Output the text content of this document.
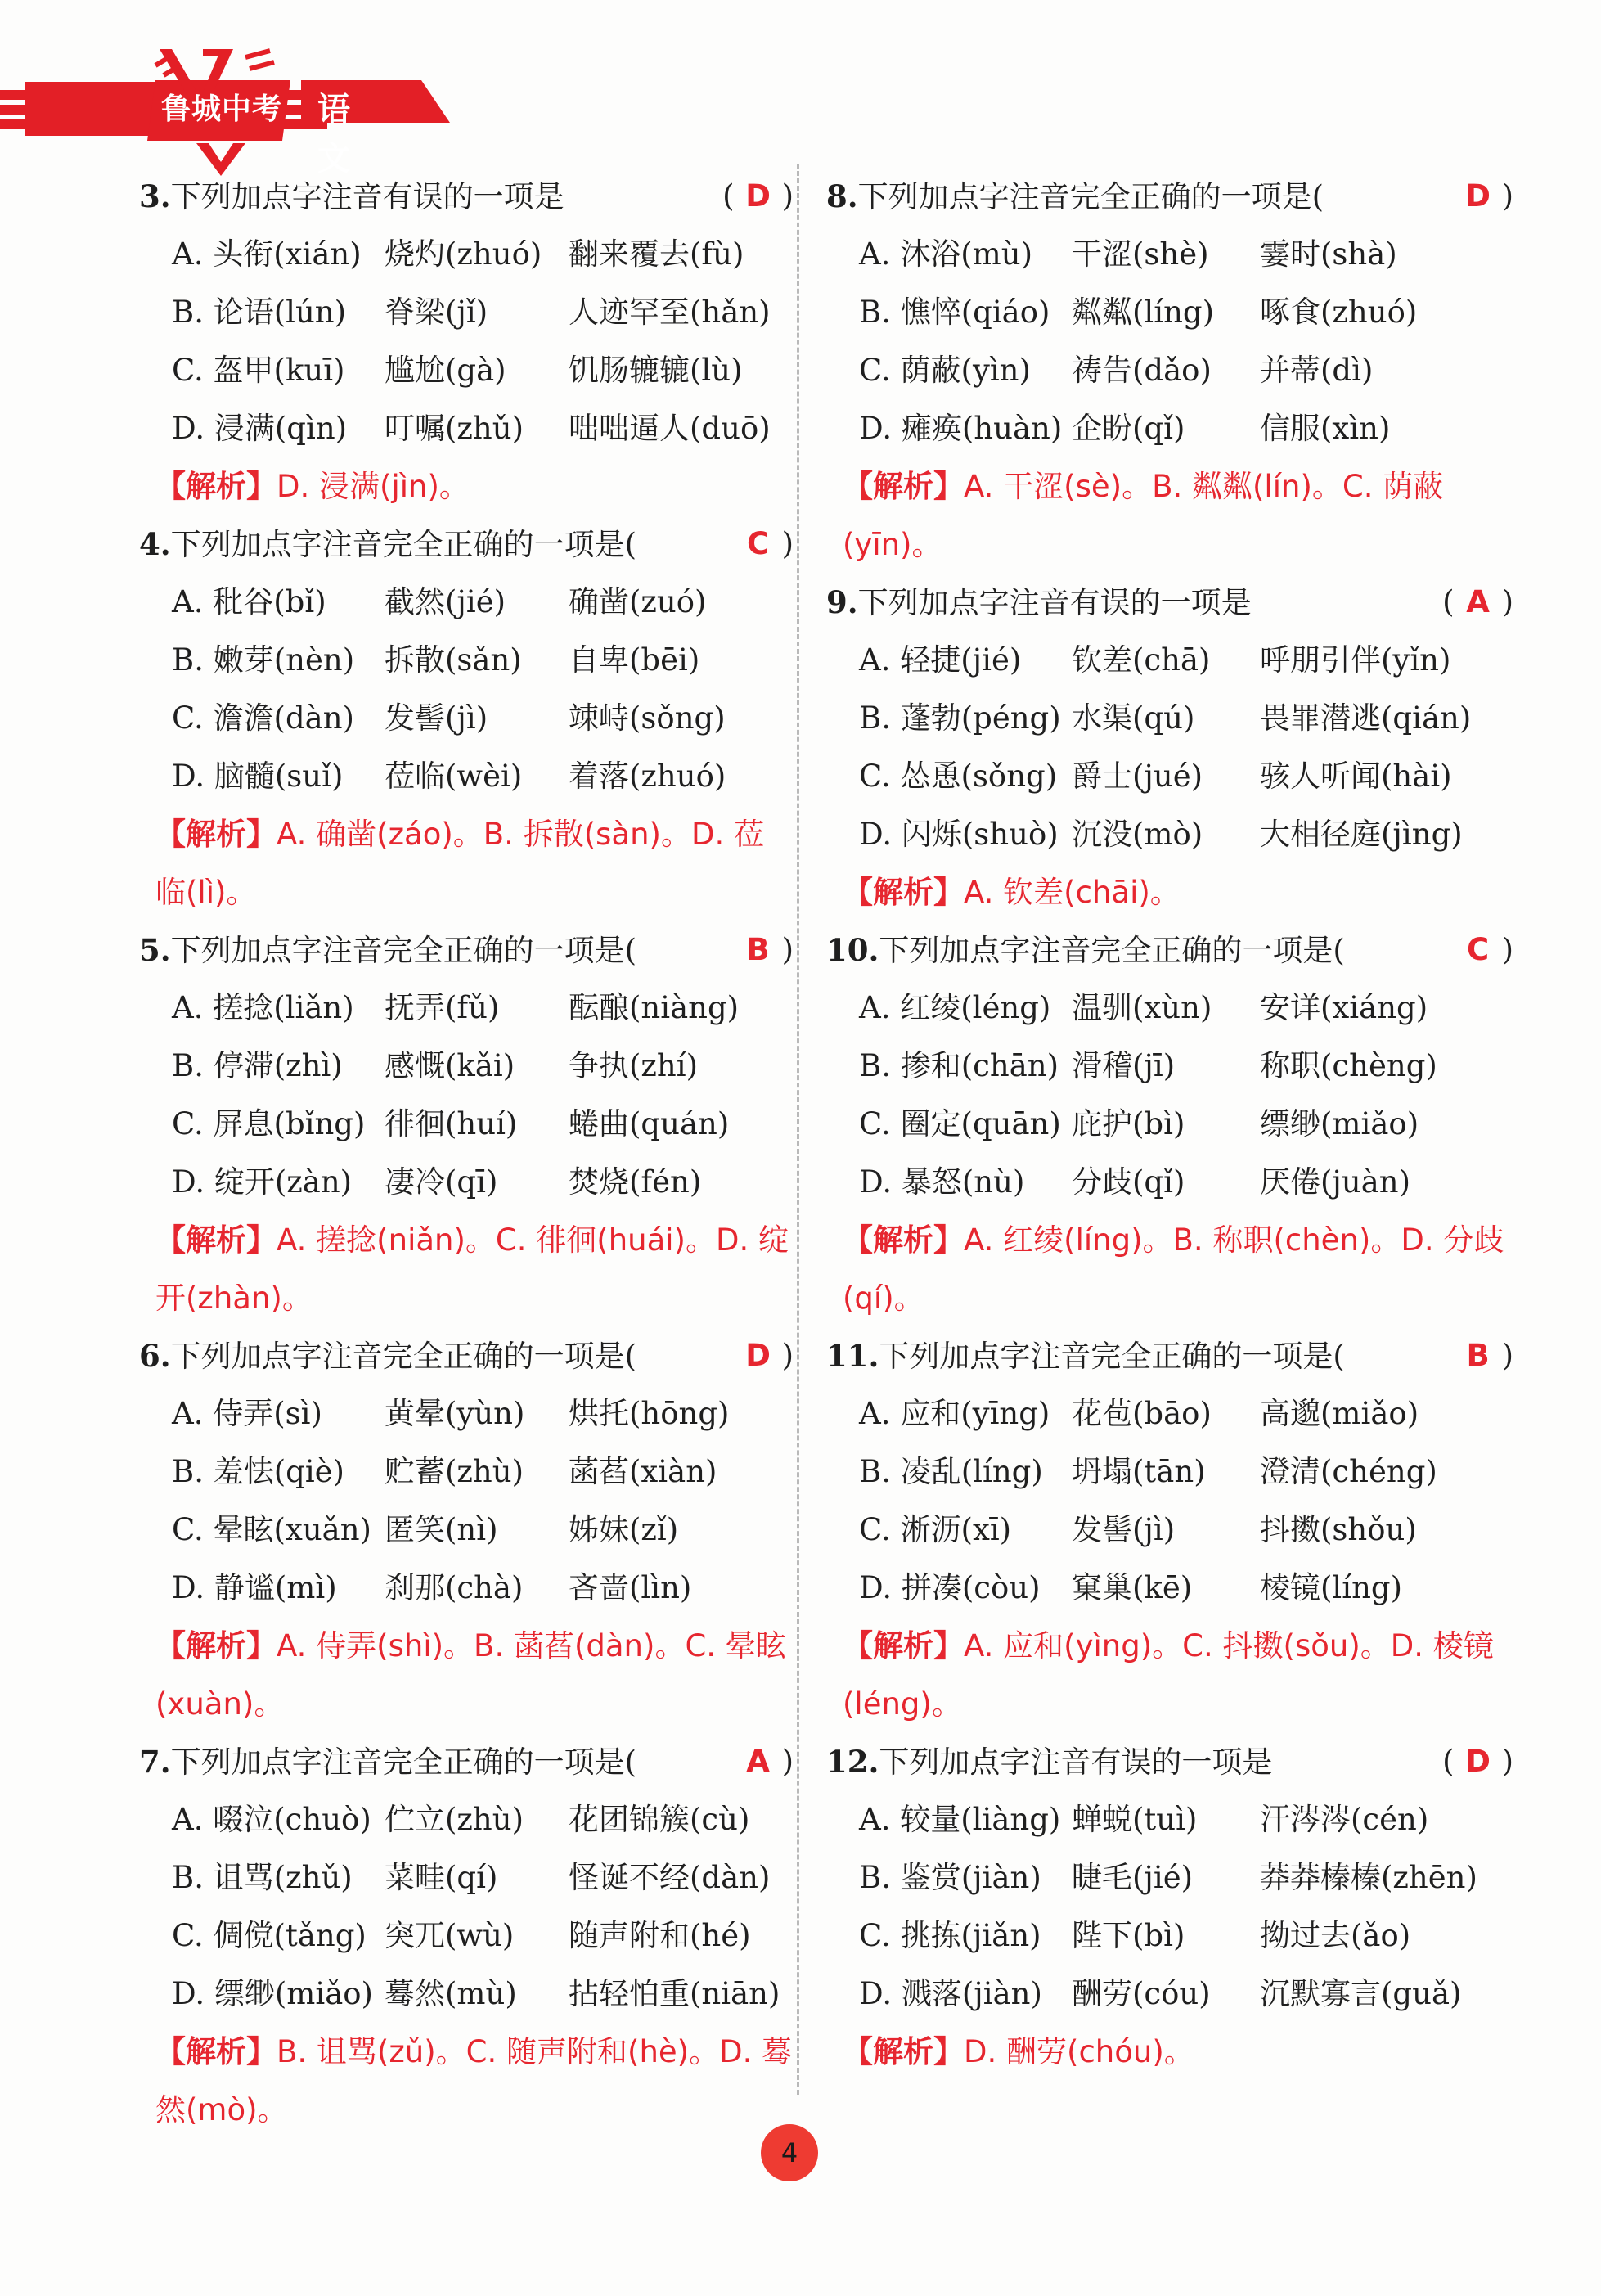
鲁城中考 语 文
3.下列加点字注音有误的一项是	( D )
A. 头衔(xián) 烧灼(zhuó) 翻来覆去(fù)
B. 论语(lún) 脊梁(jǐ)	人迹罕至(hǎn)
C. 盔甲(kuī) 尴尬(gà) 饥肠辘辘(lù)
D. 浸满(qìn) 叮嘱(zhǔ) 咄咄逼人(duō)
【解析】D. 浸满(jìn)。
4.下列加点字注音完全正确的一项是(	C )
A. 秕谷(bǐ) 截然(jié) 确凿(zuó)
B. 嫩芽(nèn) 拆散(sǎn) 自卑(bēi)
C. 澹澹(dàn) 发髻(jì)	竦峙(sǒng)
D. 脑髓(suǐ) 莅临(wèi) 着落(zhuó)
【解析】A. 确凿(záo)。B. 拆散(sàn)。D. 莅临(lì)。
5.下列加点字注音完全正确的一项是(	B )
A. 搓捻(liǎn) 抚弄(fǔ) 酝酿(niàng)
B. 停滞(zhì) 感慨(kǎi) 争执(zhí)
C. 屏息(bǐng) 徘徊(huí) 蜷曲(quán)
D. 绽开(zàn) 凄冷(qī) 焚烧(fén)
【解析】A. 搓捻(niǎn)。C. 徘徊(huái)。D. 绽开(zhàn)。
6.下列加点字注音完全正确的一项是(	D )
A. 侍弄(sì) 黄晕(yùn) 烘托(hōng)
B. 羞怯(qiè) 贮蓄(zhù) 菡萏(xiàn)
C. 晕眩(xuǎn) 匿笑(nì) 姊妹(zǐ)
D. 静谧(mì) 刹那(chà) 吝啬(lìn)
【解析】A. 侍弄(shì)。B. 菡萏(dàn)。C. 晕眩(xuàn)。
7.下列加点字注音完全正确的一项是(	A )
A. 啜泣(chuò) 伫立(zhù) 花团锦簇(cù)
B. 诅骂(zhǔ) 菜畦(qí) 怪诞不经(dàn)
C. 倜傥(tǎng) 突兀(wù) 随声附和(hé)
D. 缥缈(miǎo) 蓦然(mù) 拈轻怕重(niān)
【解析】B. 诅骂(zǔ)。C. 随声附和(hè)。D. 蓦然(mò)。
8.下列加点字注音完全正确的一项是(	D )
A. 沐浴(mù) 干涩(shè) 霎时(shà)
B. 憔悴(qiáo) 粼粼(líng) 啄食(zhuó)
C. 荫蔽(yìn) 祷告(dǎo) 并蒂(dì)
D. 瘫痪(huàn) 企盼(qǐ) 信服(xìn)
【解析】A. 干涩(sè)。B. 粼粼(lín)。C. 荫蔽(yīn)。
9.下列加点字注音有误的一项是	( A )
A. 轻捷(jié) 钦差(chā) 呼朋引伴(yǐn)
B. 蓬勃(péng) 水渠(qú) 畏罪潜逃(qián)
C. 怂恿(sǒng) 爵士(jué) 骇人听闻(hài)
D. 闪烁(shuò) 沉没(mò) 大相径庭(jìng)
【解析】A. 钦差(chāi)。
10.下列加点字注音完全正确的一项是(	C )
A. 红绫(léng) 温驯(xùn) 安详(xiáng)
B. 掺和(chān) 滑稽(jī)	称职(chèng)
C. 圈定(quān) 庇护(bì) 缥缈(miǎo)
D. 暴怒(nù) 分歧(qǐ) 厌倦(juàn)
【解析】A. 红绫(líng)。B. 称职(chèn)。D. 分歧(qí)。
11.下列加点字注音完全正确的一项是(	B )
A. 应和(yīng) 花苞(bāo) 高邈(miǎo)
B. 凌乱(líng) 坍塌(tān) 澄清(chéng)
C. 淅沥(xī) 发髻(jì)	抖擞(shǒu)
D. 拼凑(còu) 窠巢(kē) 棱镜(líng)
【解析】A. 应和(yìng)。C. 抖擞(sǒu)。D. 棱镜(léng)。
12.下列加点字注音有误的一项是	( D )
A. 较量(liàng) 蝉蜕(tuì) 汗涔涔(cén)
B. 鉴赏(jiàn) 睫毛(jié) 莽莽榛榛(zhēn)
C. 挑拣(jiǎn) 陛下(bì) 拗过去(ǎo)
D. 溅落(jiàn) 酬劳(cóu) 沉默寡言(guǎ)
【解析】D. 酬劳(chóu)。
4
